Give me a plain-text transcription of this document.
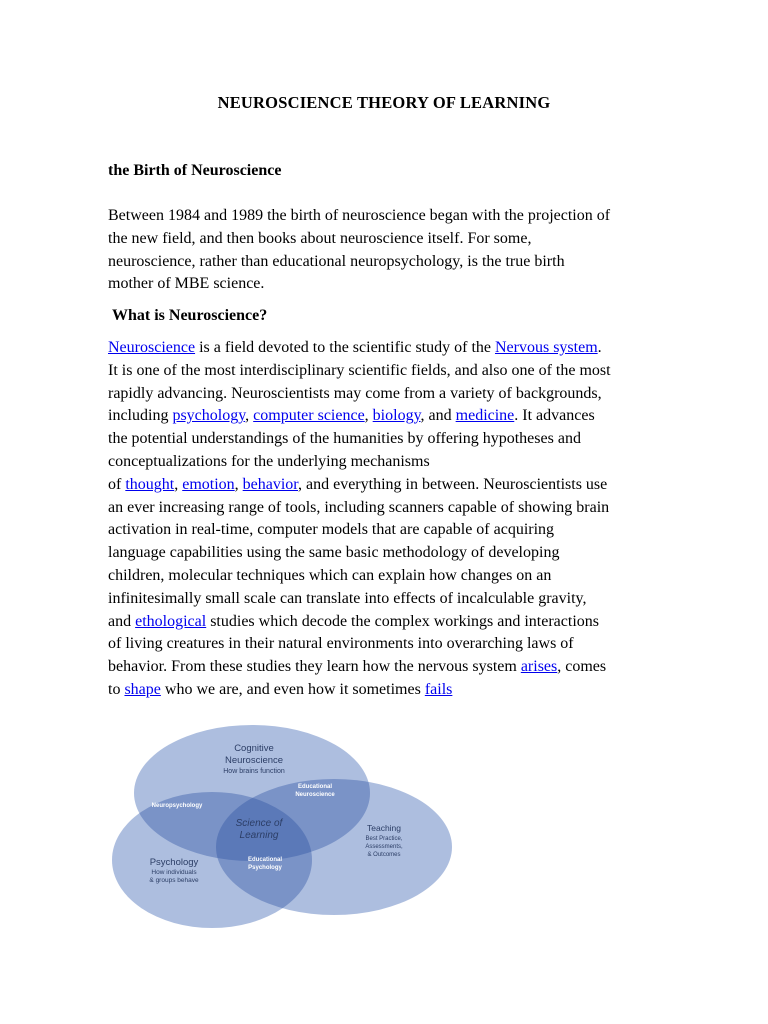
NEUROSCIENCE THEORY OF LEARNING
the Birth of Neuroscience
Between 1984 and 1989 the birth of neuroscience began with the projection of
the new field, and then books about neuroscience itself. For some,
neuroscience, rather than educational neuropsychology, is the true birth
mother of MBE science.
What is Neuroscience?
Neuroscience is a field devoted to the scientific study of the Nervous system.
It is one of the most interdisciplinary scientific fields, and also one of the most
rapidly advancing. Neuroscientists may come from a variety of backgrounds,
including psychology, computer science, biology, and medicine. It advances
the potential understandings of the humanities by offering hypotheses and
conceptualizations for the underlying mechanisms
of thought, emotion, behavior, and everything in between. Neuroscientists use
an ever increasing range of tools, including scanners capable of showing brain
activation in real-time, computer models that are capable of acquiring
language capabilities using the same basic methodology of developing
children, molecular techniques which can explain how changes on an
infinitesimally small scale can translate into effects of incalculable gravity,
and ethological studies which decode the complex workings and interactions
of living creatures in their natural environments into overarching laws of
behavior. From these studies they learn how the nervous system arises, comes
to shape who we are, and even how it sometimes fails
Cognitive
Neuroscience
How brains function
Educational
Neuroscience
Neuropsychology
Science of
Learning
Teaching
Best Practice,
Assessments,
& Outcomes
Psychology
How individuals
& groups behave
Educational
Psychology
